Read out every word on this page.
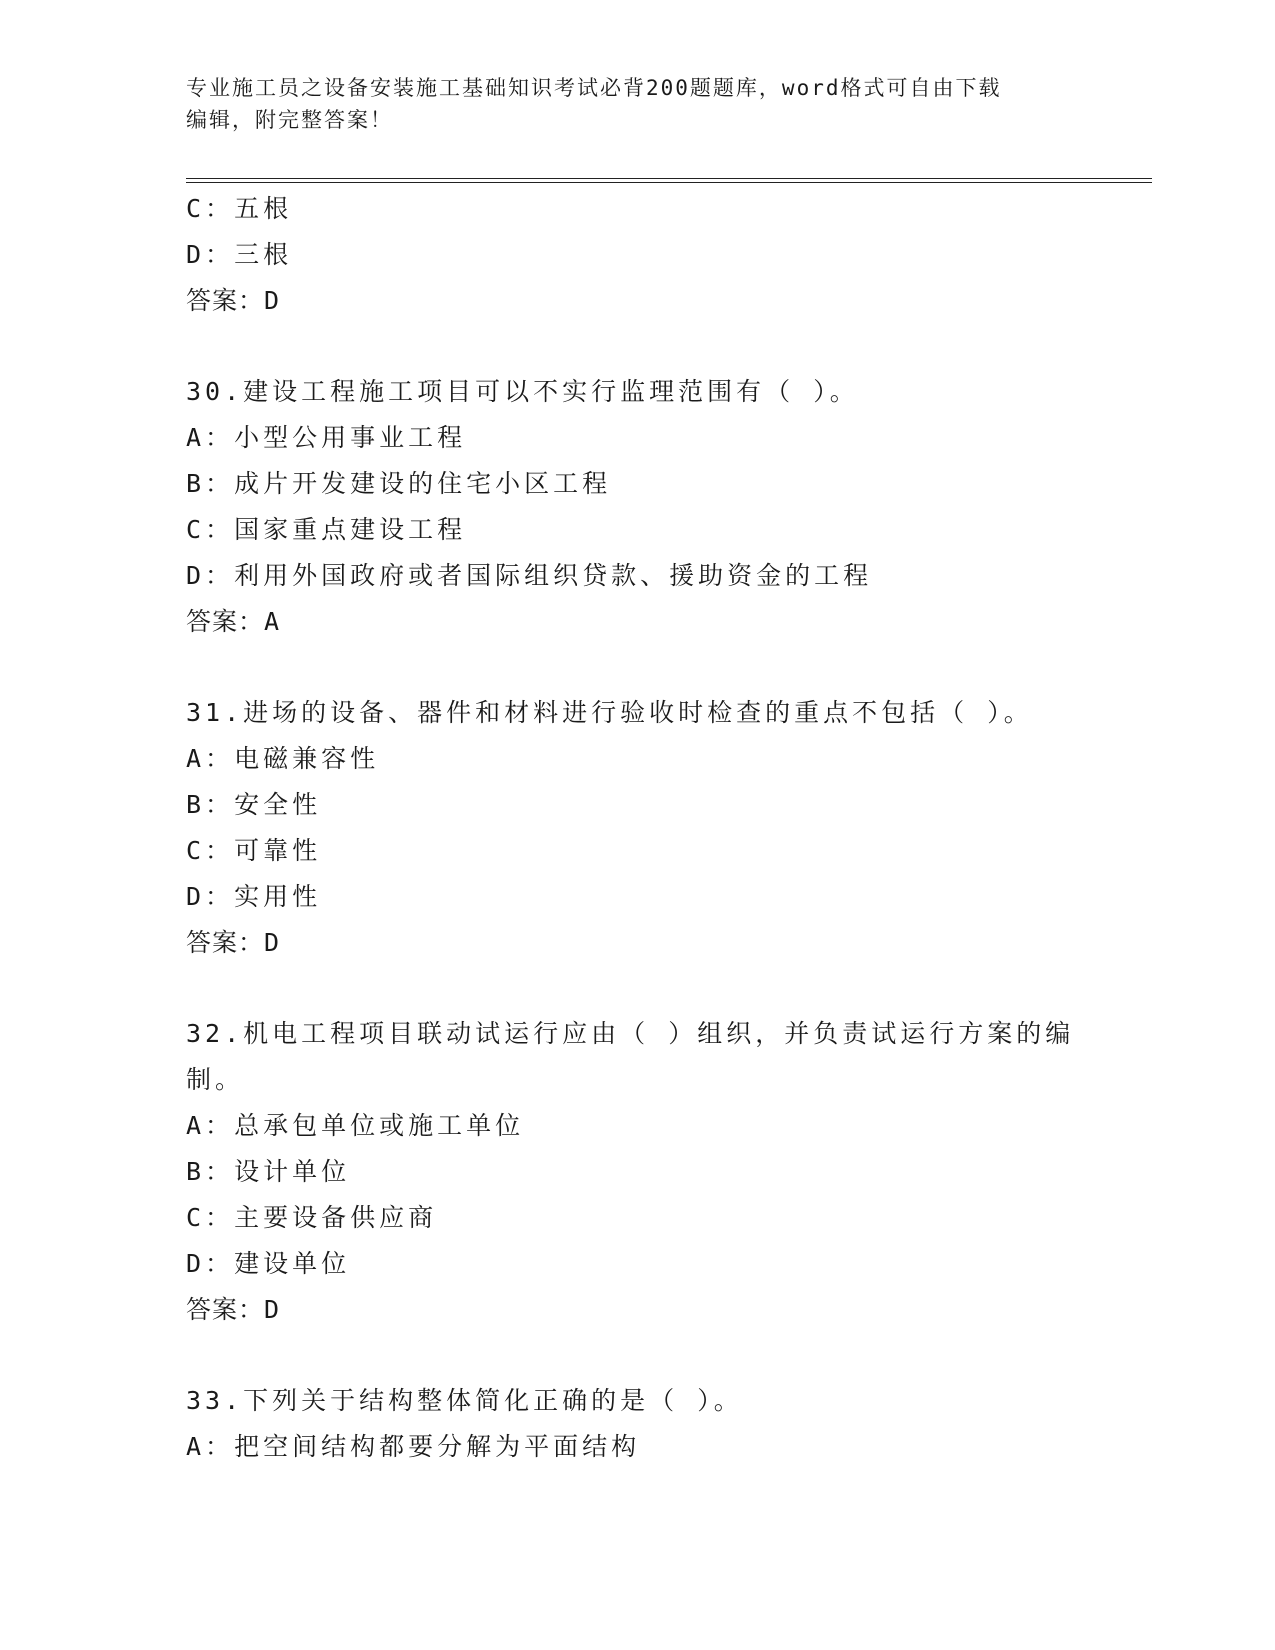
专业施工员之设备安装施工基础知识考试必背200题题库，word格式可自由下载
编辑，附完整答案！
C：五根
D：三根
答案：D
30.建设工程施工项目可以不实行监理范围有（ ）。
A：小型公用事业工程
B：成片开发建设的住宅小区工程
C：国家重点建设工程
D：利用外国政府或者国际组织贷款、援助资金的工程
答案：A
31.进场的设备、器件和材料进行验收时检查的重点不包括（ ）。
A：电磁兼容性
B：安全性
C：可靠性
D：实用性
答案：D
32.机电工程项目联动试运行应由（ ）组织，并负责试运行方案的编
制。
A：总承包单位或施工单位
B：设计单位
C：主要设备供应商
D：建设单位
答案：D
33.下列关于结构整体简化正确的是（ ）。
A：把空间结构都要分解为平面结构
